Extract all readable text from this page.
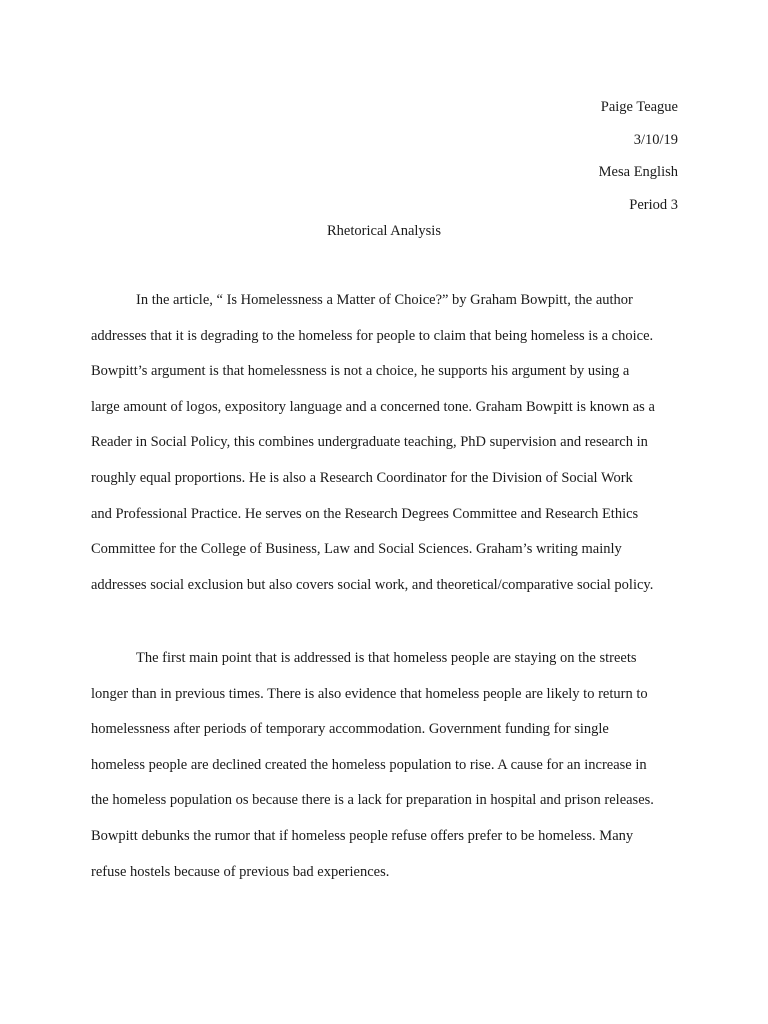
Paige Teague
3/10/19
Mesa English
Period 3
Rhetorical Analysis
In the article, “ Is Homelessness a Matter of Choice?” by Graham Bowpitt, the author
addresses that it is degrading to the homeless for people to claim that being homeless is a choice.
Bowpitt’s argument is that homelessness is not a choice, he supports his argument by using a
large amount of logos, expository language and a concerned tone. Graham Bowpitt is known as a
Reader in Social Policy, this combines undergraduate teaching, PhD supervision and research in
roughly equal proportions. He is also a Research Coordinator for the Division of Social Work
and Professional Practice. He serves on the Research Degrees Committee and Research Ethics
Committee for the College of Business, Law and Social Sciences. Graham’s writing mainly
addresses social exclusion but also covers social work, and theoretical/comparative social policy.
The first main point that is addressed is that homeless people are staying on the streets
longer than in previous times. There is also evidence that homeless people are likely to return to
homelessness after periods of temporary accommodation. Government funding for single
homeless people are declined created the homeless population to rise. A cause for an increase in
the homeless population os because there is a lack for preparation in hospital and prison releases.
Bowpitt debunks the rumor that if homeless people refuse offers prefer to be homeless. Many
refuse hostels because of previous bad experiences.
